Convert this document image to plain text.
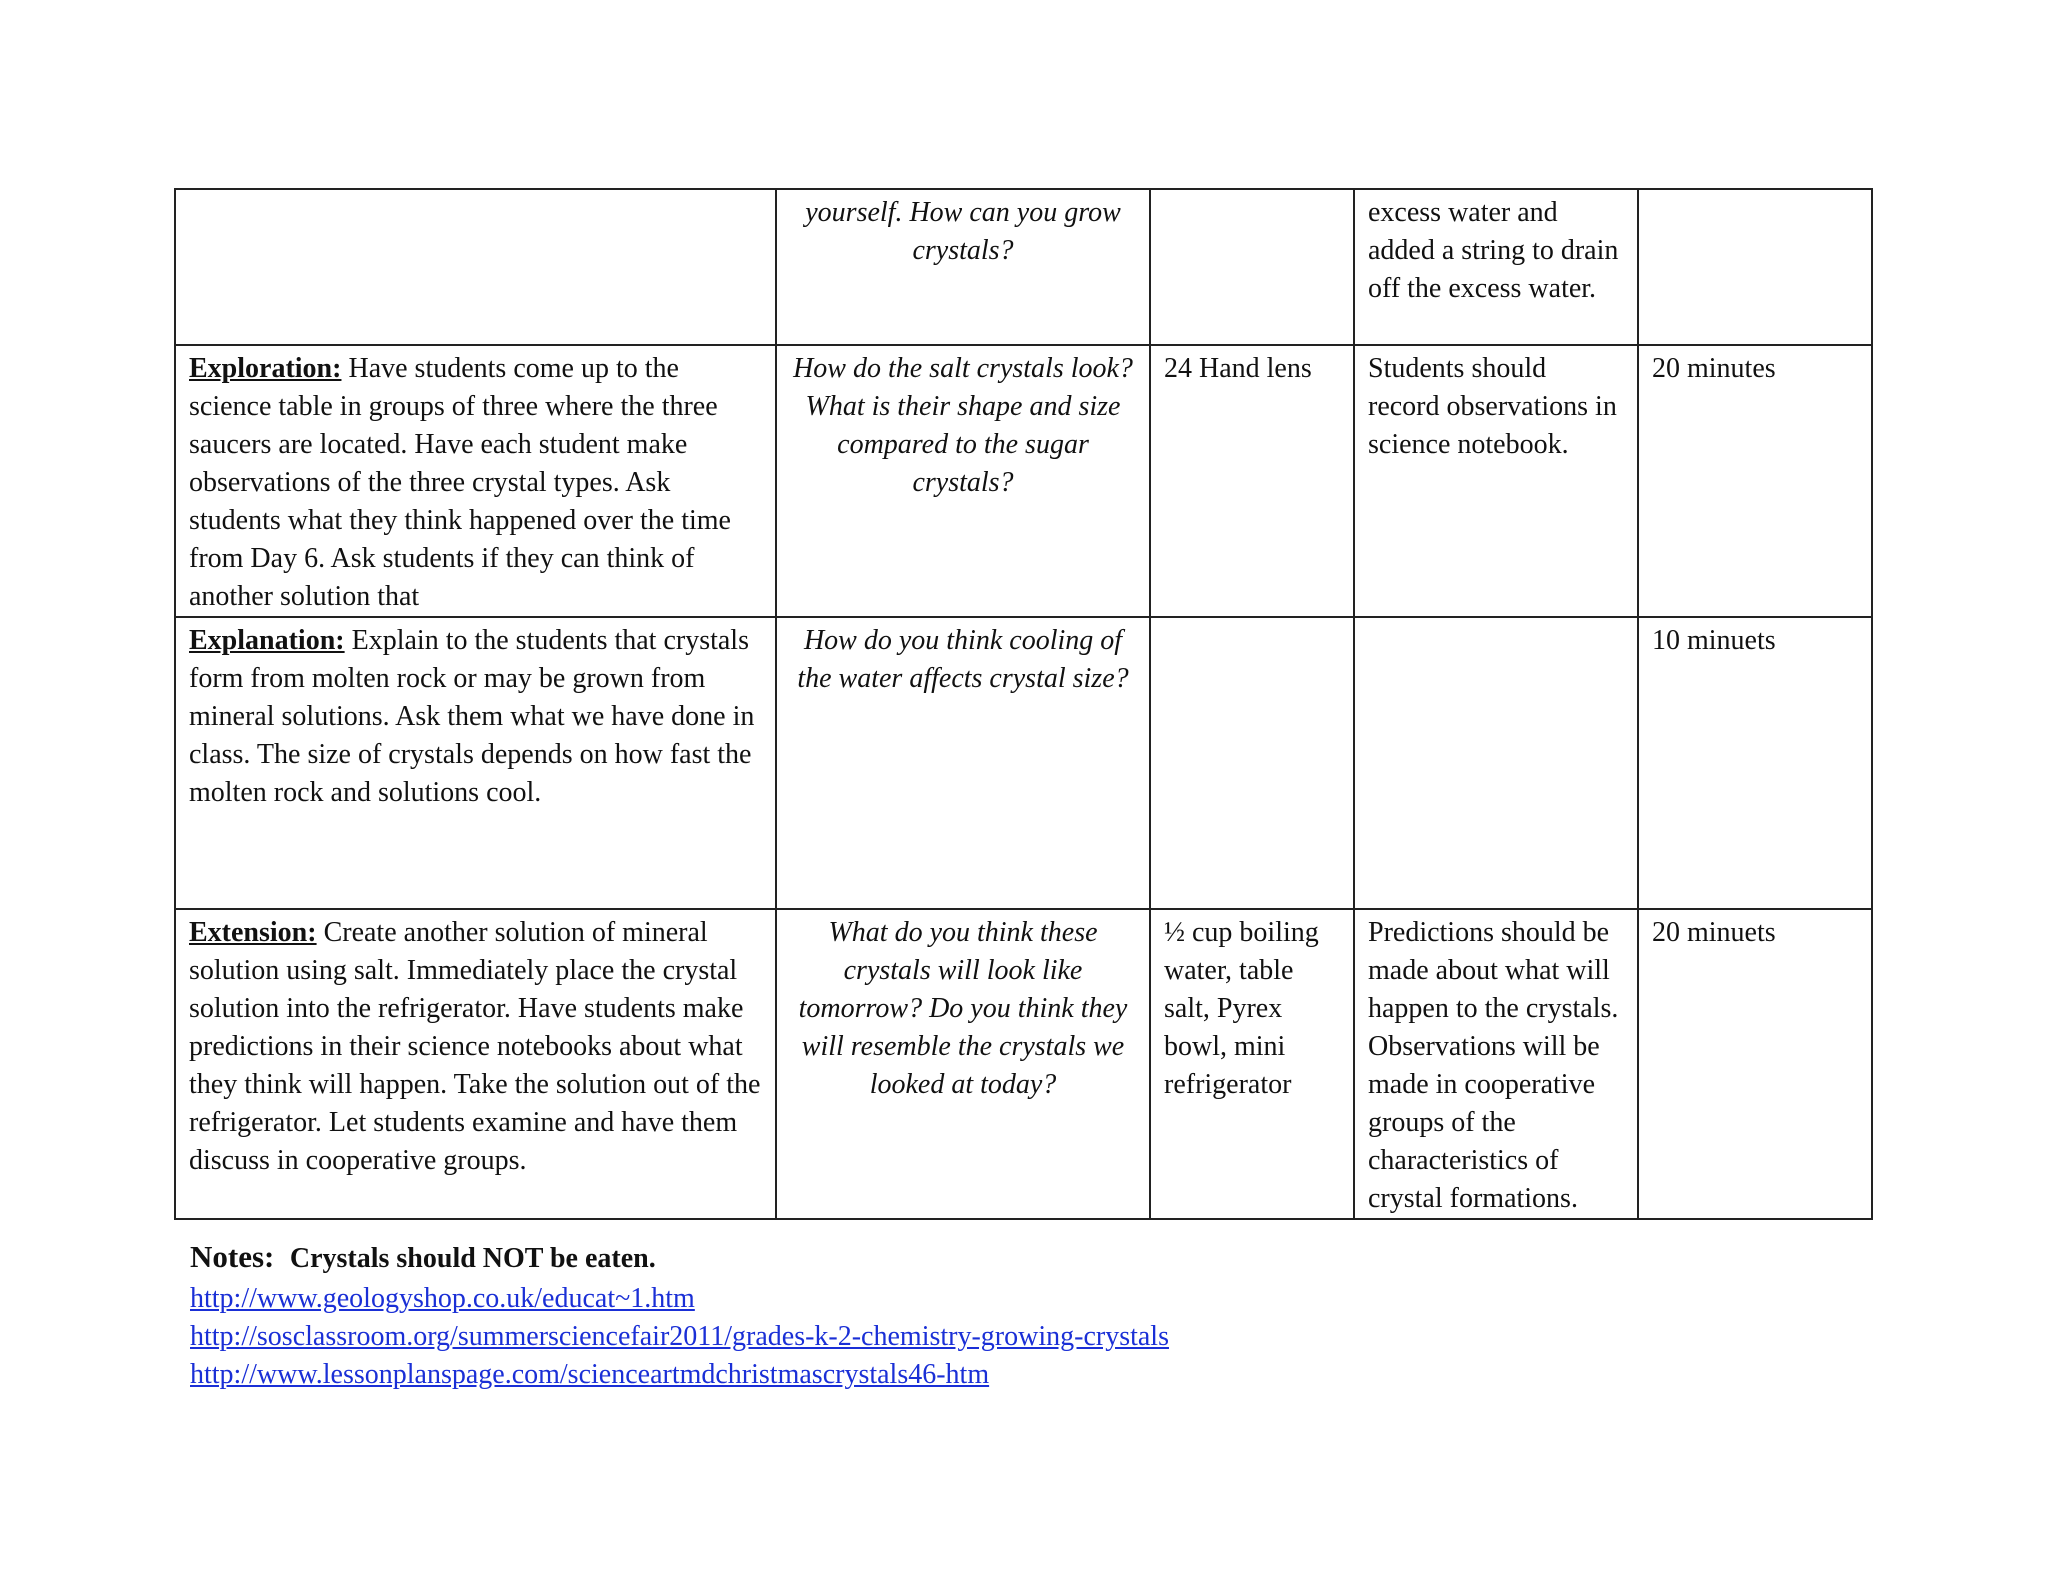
	yourself. How can you grow crystals?		excess water and added a string to drain off the excess water.	
Exploration: Have students come up to the science table in groups of three where the three saucers are located. Have each student make observations of the three crystal types. Ask students what they think happened over the time from Day 6. Ask students if they can think of another solution that	How do the salt crystals look? What is their shape and size compared to the sugar crystals?	24 Hand lens	Students should record observations in science notebook.	20 minutes
Explanation: Explain to the students that crystals form from molten rock or may be grown from mineral solutions. Ask them what we have done in class. The size of crystals depends on how fast the molten rock and solutions cool.	How do you think cooling of the water affects crystal size?			10 minuets
Extension: Create another solution of mineral solution using salt. Immediately place the crystal solution into the refrigerator. Have students make predictions in their science notebooks about what they think will happen. Take the solution out of the refrigerator. Let students examine and have them discuss in cooperative groups.	What do you think these crystals will look like tomorrow? Do you think they will resemble the crystals we looked at today?	½ cup boiling water, table salt, Pyrex bowl, mini refrigerator	Predictions should be made about what will happen to the crystals. Observations will be made in cooperative groups of the characteristics of crystal formations.	20 minuets
Notes: Crystals should NOT be eaten.
http://www.geologyshop.co.uk/educat~1.htm
http://sosclassroom.org/summersciencefair2011/grades-k-2-chemistry-growing-crystals
http://www.lessonplanspage.com/scienceartmdchristmascrystals46-htm
